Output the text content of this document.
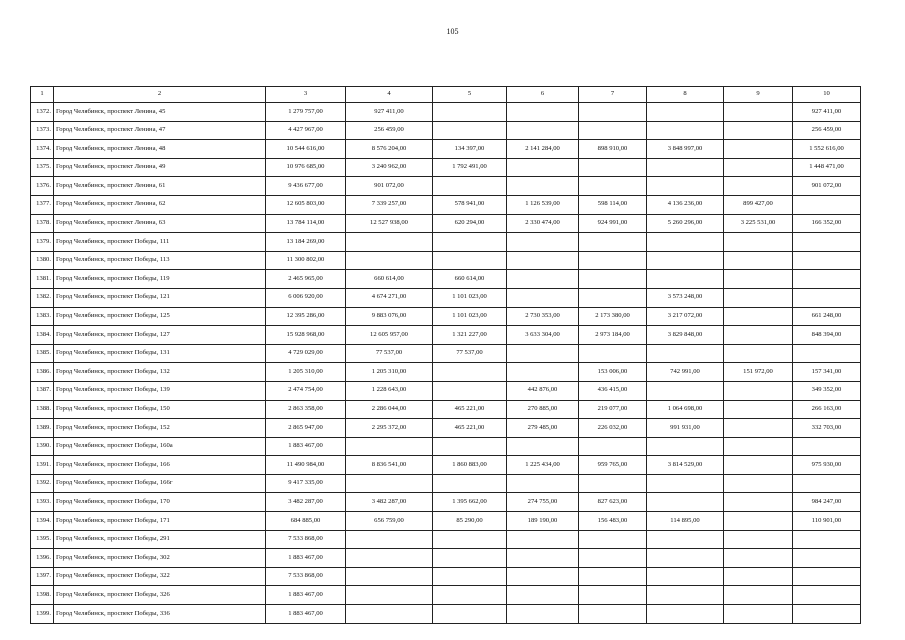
105
1	2	3	4	5	6	7	8	9	10
1372.	Город Челябинск, проспект Ленина, 45	1 279 757,00	927 411,00						927 411,00
1373.	Город Челябинск, проспект Ленина, 47	4 427 967,00	256 459,00						256 459,00
1374.	Город Челябинск, проспект Ленина, 48	10 544 616,00	8 576 204,00	134 397,00	2 141 284,00	898 910,00	3 848 997,00		1 552 616,00
1375.	Город Челябинск, проспект Ленина, 49	10 976 685,00	3 240 962,00	1 792 491,00					1 448 471,00
1376.	Город Челябинск, проспект Ленина, 61	9 436 677,00	901 072,00						901 072,00
1377.	Город Челябинск, проспект Ленина, 62	12 605 803,00	7 339 257,00	578 941,00	1 126 539,00	598 114,00	4 136 236,00	899 427,00	
1378.	Город Челябинск, проспект Ленина, 63	13 784 114,00	12 527 938,00	620 294,00	2 330 474,00	924 991,00	5 260 296,00	3 225 531,00	166 352,00
1379.	Город Челябинск, проспект Победы, 111	13 184 269,00							
1380.	Город Челябинск, проспект Победы, 113	11 300 802,00							
1381.	Город Челябинск, проспект Победы, 119	2 465 965,00	660 614,00	660 614,00					
1382.	Город Челябинск, проспект Победы, 121	6 006 920,00	4 674 271,00	1 101 023,00			3 573 248,00		
1383.	Город Челябинск, проспект Победы, 125	12 395 286,00	9 883 076,00	1 101 023,00	2 730 353,00	2 173 380,00	3 217 072,00		661 248,00
1384.	Город Челябинск, проспект Победы, 127	15 928 968,00	12 605 957,00	1 321 227,00	3 633 304,00	2 973 184,00	3 829 848,00		848 394,00
1385.	Город Челябинск, проспект Победы, 131	4 729 029,00	77 537,00	77 537,00					
1386.	Город Челябинск, проспект Победы, 132	1 205 310,00	1 205 310,00			153 006,00	742 991,00	151 972,00	157 341,00
1387.	Город Челябинск, проспект Победы, 139	2 474 754,00	1 228 643,00		442 876,00	436 415,00			349 352,00
1388.	Город Челябинск, проспект Победы, 150	2 863 358,00	2 286 044,00	465 221,00	270 885,00	219 077,00	1 064 698,00		266 163,00
1389.	Город Челябинск, проспект Победы, 152	2 865 947,00	2 295 372,00	465 221,00	279 485,00	226 032,00	991 931,00		332 703,00
1390.	Город Челябинск, проспект Победы, 160а	1 883 467,00							
1391.	Город Челябинск, проспект Победы, 166	11 490 984,00	8 836 541,00	1 860 883,00	1 225 434,00	959 765,00	3 814 529,00		975 930,00
1392.	Город Челябинск, проспект Победы, 166г	9 417 335,00							
1393.	Город Челябинск, проспект Победы, 170	3 482 287,00	3 482 287,00	1 395 662,00	274 755,00	827 623,00			984 247,00
1394.	Город Челябинск, проспект Победы, 171	684 885,00	656 759,00	85 290,00	189 190,00	156 483,00	114 895,00		110 901,00
1395.	Город Челябинск, проспект Победы, 291	7 533 868,00							
1396.	Город Челябинск, проспект Победы, 302	1 883 467,00							
1397.	Город Челябинск, проспект Победы, 322	7 533 868,00							
1398.	Город Челябинск, проспект Победы, 326	1 883 467,00							
1399.	Город Челябинск, проспект Победы, 336	1 883 467,00							
